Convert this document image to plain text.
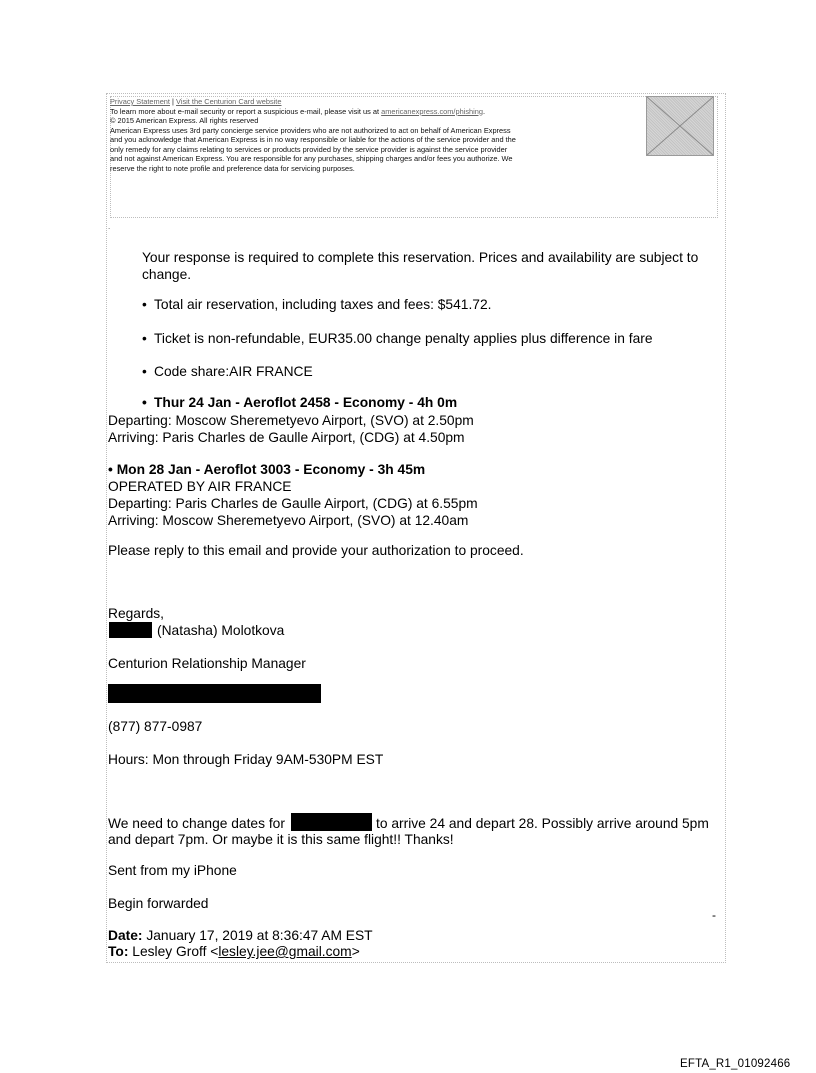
Privacy Statement | Visit the Centurion Card website
To learn more about e-mail security or report a suspicious e-mail, please visit us at americanexpress.com/phishing.
© 2015 American Express. All rights reserved
American Express uses 3rd party concierge service providers who are not authorized to act on behalf of American Express
and you acknowledge that American Express is in no way responsible or liable for the actions of the service provider and the
only remedy for any claims relating to services or products provided by the service provider is against the service provider
and not against American Express. You are responsible for any purchases, shipping charges and/or fees you authorize. We
reserve the right to note profile and preference data for servicing purposes.
.
Your response is required to complete this reservation. Prices and availability are subject to
change.
• Total air reservation, including taxes and fees: $541.72.
• Ticket is non-refundable, EUR35.00 change penalty applies plus difference in fare
• Code share:AIR FRANCE
• Thur 24 Jan - Aeroflot 2458 - Economy - 4h 0m
Departing: Moscow Sheremetyevo Airport, (SVO) at 2.50pm
Arriving: Paris Charles de Gaulle Airport, (CDG) at 4.50pm
• Mon 28 Jan - Aeroflot 3003 - Economy - 3h 45m
OPERATED BY AIR FRANCE
Departing: Paris Charles de Gaulle Airport, (CDG) at 6.55pm
Arriving: Moscow Sheremetyevo Airport, (SVO) at 12.40am
Please reply to this email and provide your authorization to proceed.
Regards,
(Natasha) Molotkova
Centurion Relationship Manager
(877) 877-0987
Hours: Mon through Friday 9AM-530PM EST
We need to change dates for	to arrive 24 and depart 28. Possibly arrive around 5pm
and depart 7pm. Or maybe it is this same flight!! Thanks!
Sent from my iPhone
Begin forwarded
-
Date: January 17, 2019 at 8:36:47 AM EST
To: Lesley Groff <lesley.jee@gmail.com>
EFTA_R1_01092466
